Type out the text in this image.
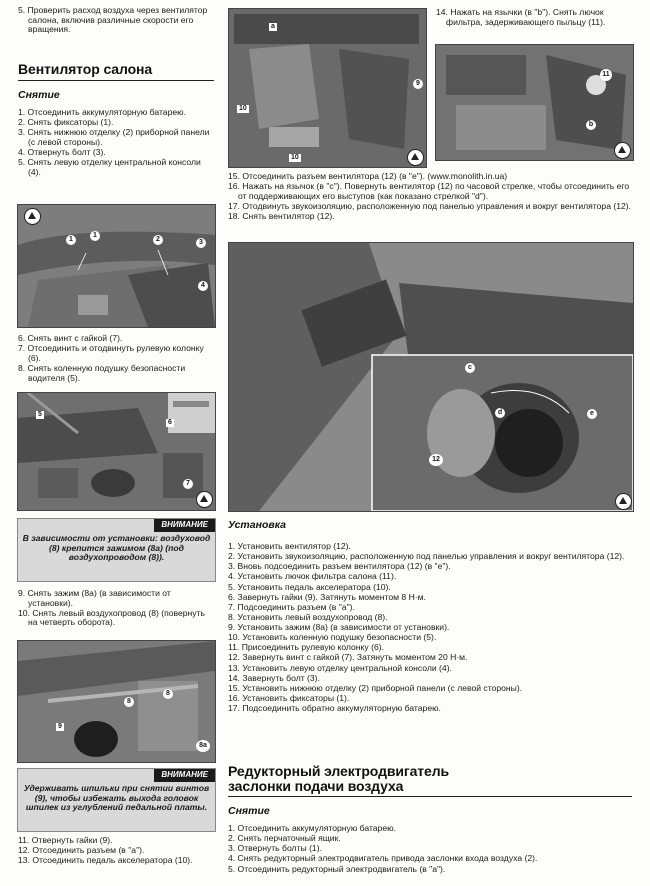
5. Проверить расход воздуха через вентилятор салона, включив различные скорости его вращения.
Вентилятор салона
Снятие
1. Отсоединить аккумуляторную батарею.
2. Снять фиксаторы (1).
3. Снять нижнюю отделку (2) приборной панели (с левой стороны).
4. Отвернуть болт (3).
5. Снять левую отделку центральной консоли (4).
1
1
2	3
4
6. Снять винт с гайкой (7).
7. Отсоединить и отодвинуть рулевую колонку (6).
8. Снять коленную подушку безопасности водителя (5).
5
6
7
ВНИМАНИЕ
В зависимости от установки: воздуховод (8) крепится зажимом (8а) (под воздухопроводом (8)).
9. Снять зажим (8а) (в зависимости от установки).
10. Снять левый воздухопровод (8) (повернуть на четверть оборота).
8
8
8a
9
ВНИМАНИЕ
Удерживать шпильки при снятии винтов (9), чтобы избежать выхода головок шпилек из углублений педальной платы.
11. Отвернуть гайки (9).
12. Отсоединить разъем (в "а").
13. Отсоединить педаль акселератора (10).
a
9
10
10
14. Нажать на язычки (в "b"). Снять лючок фильтра, задерживающего пыльцу (11).
11
b
15. Отсоединить разъем вентилятора (12) (в "е"). (www.monolith.in.ua)
16. Нажать на язычок (в "с"). Повернуть вентилятор (12) по часовой стрелке, чтобы отсоединить его от поддерживающих его выступов (как показано стрелкой "d").
17. Отодвинуть звукоизоляцию, расположенную под панелью управления и вокруг вентилятора (12).
18. Снять вентилятор (12).
c
d	e
12
Установка
1. Установить вентилятор (12).
2. Установить звукоизоляцию, расположенную под панелью управления и вокруг вентилятора (12).
3. Вновь подсоединить разъем вентилятора (12) (в "е").
4. Установить лючок фильтра салона (11).
5. Установить педаль акселератора (10).
6. Завернуть гайки (9). Затянуть моментом 8 Н·м.
7. Подсоединить разъем (в "а").
8. Установить левый воздухопровод (8).
9. Установить зажим (8а) (в зависимости от установки).
10. Установить коленную подушку безопасности (5).
11. Присоединить рулевую колонку (6).
12. Завернуть винт с гайкой (7). Затянуть моментом 20 Н·м.
13. Установить левую отделку центральной консоли (4).
14. Завернуть болт (3).
15. Установить нижнюю отделку (2) приборной панели (с левой стороны).
16. Установить фиксаторы (1).
17. Подсоединить обратно аккумуляторную батарею.
Редукторный электродвигатель
заслонки подачи воздуха
Снятие
1. Отсоединить аккумуляторную батарею.
2. Снять перчаточный ящик.
3. Отвернуть болты (1).
4. Снять редукторный электродвигатель привода заслонки входа воздуха (2).
5. Отсоединить редукторный электродвигатель (в "а").
